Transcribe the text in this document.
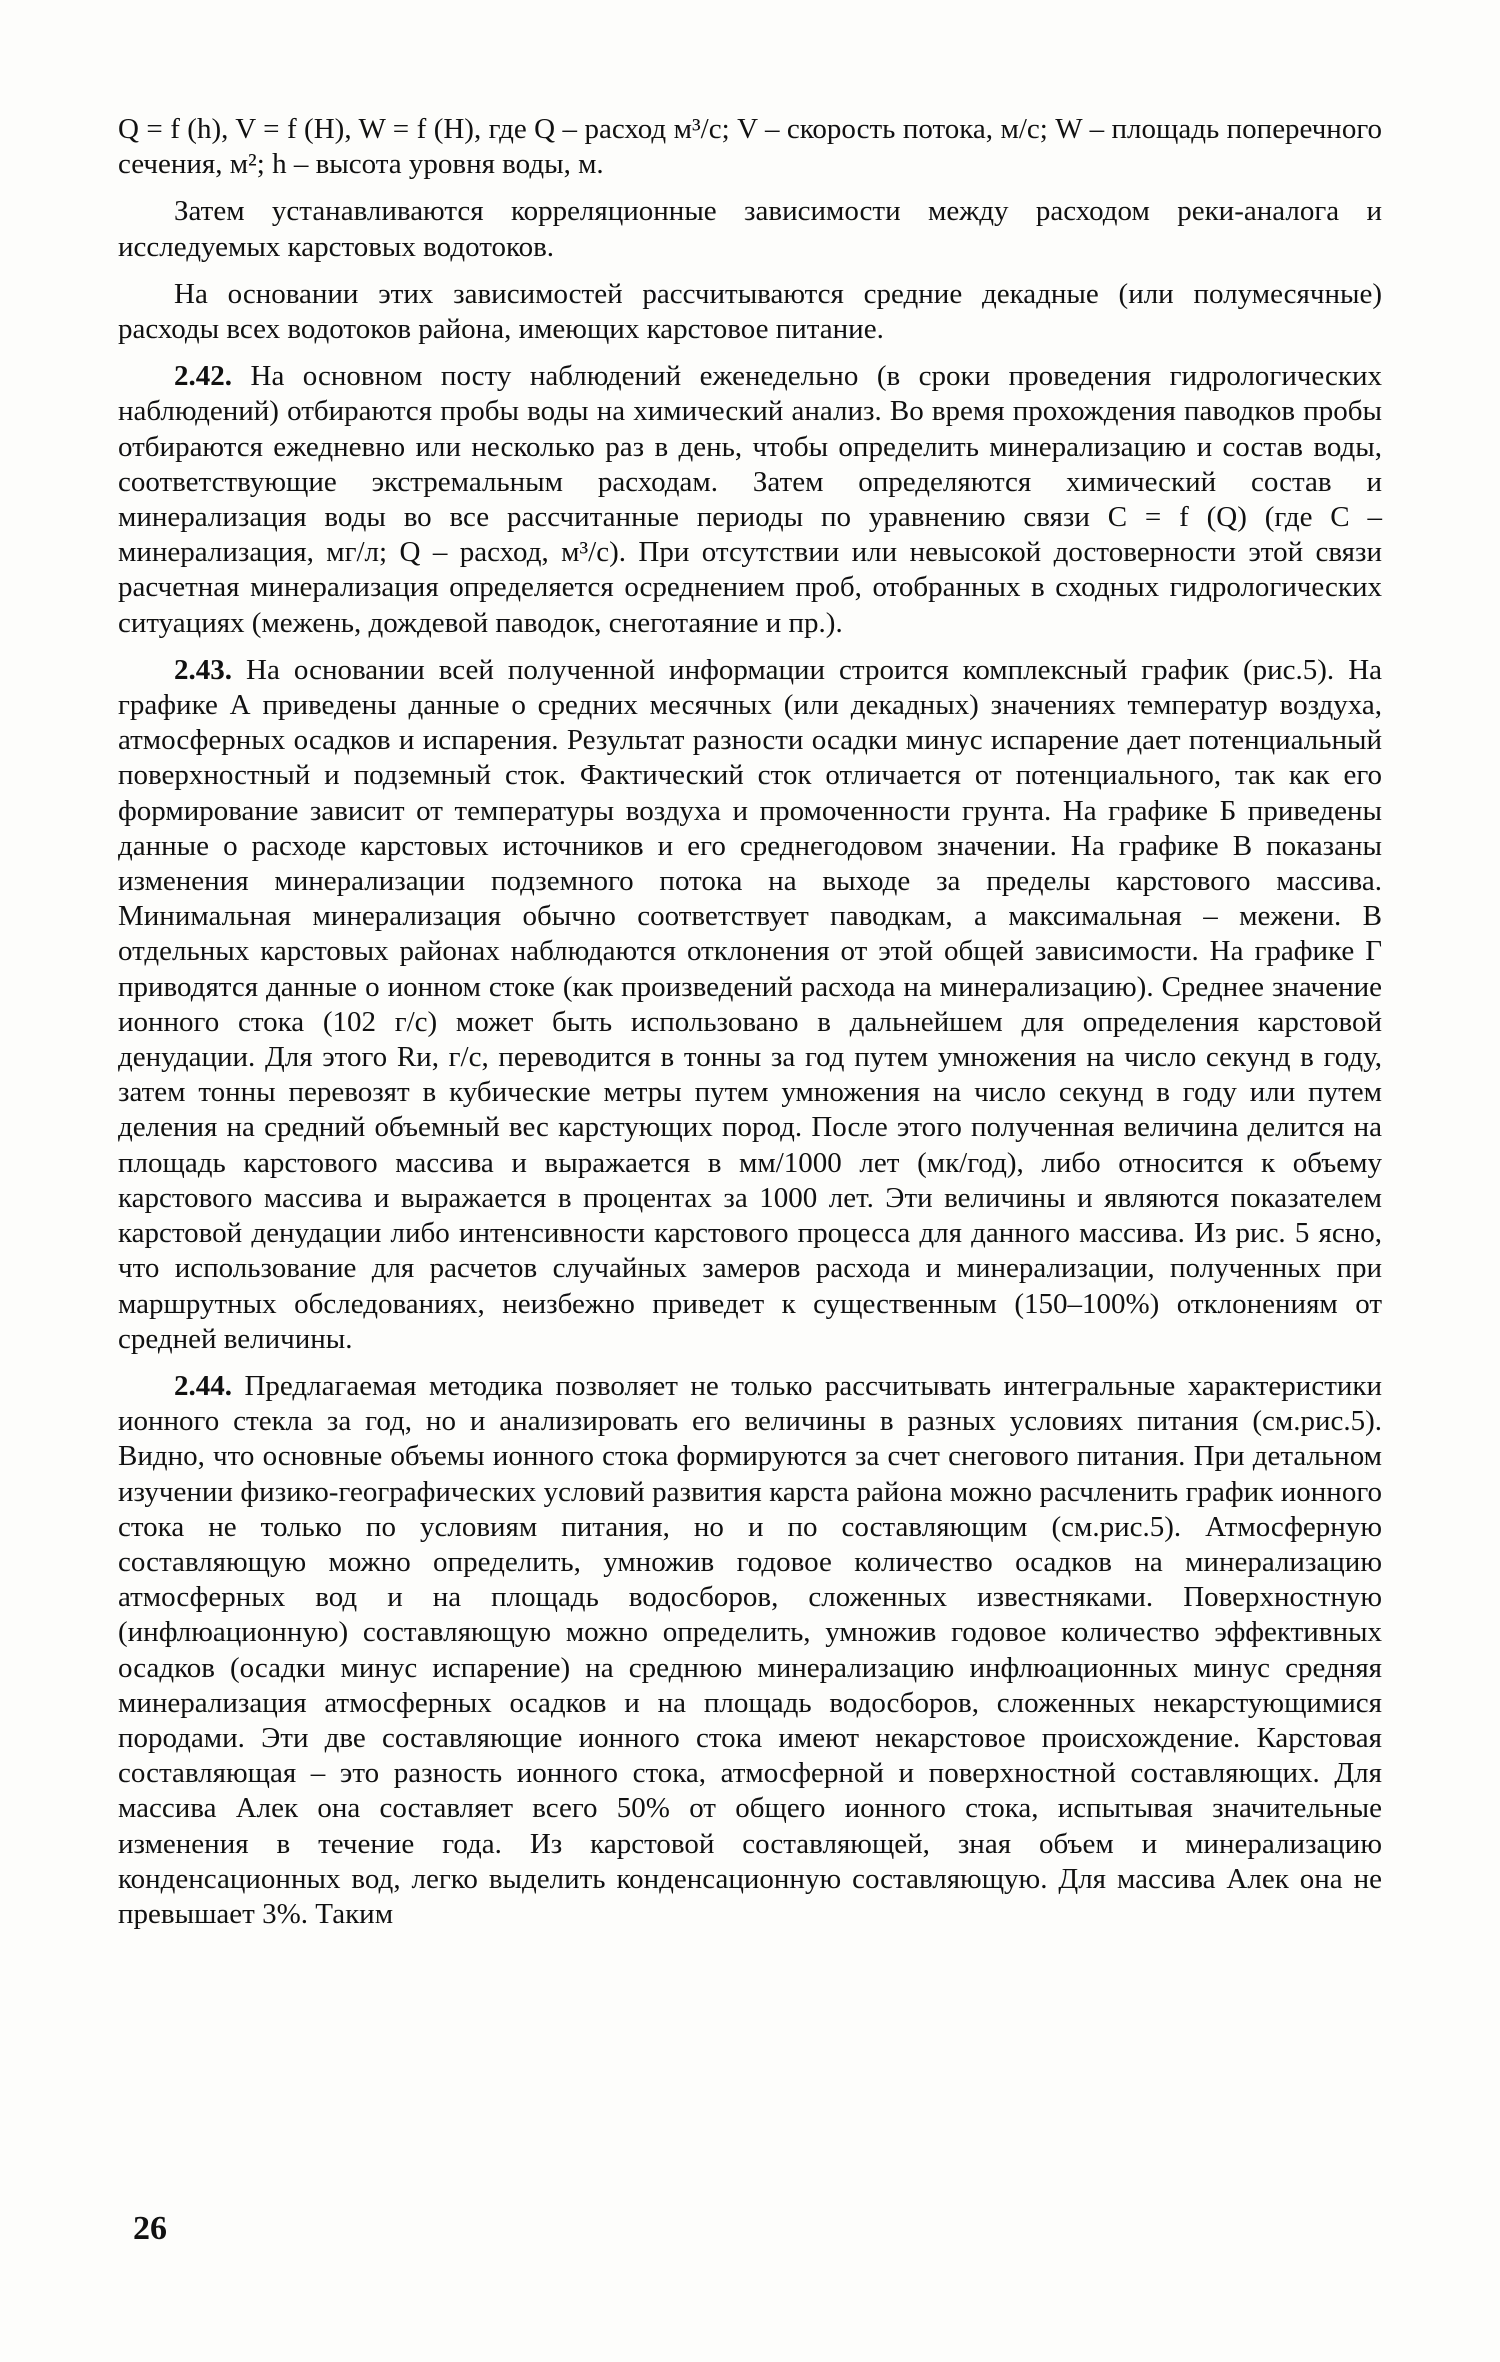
Q = f (h), V = f (H), W = f (H), где Q – расход м³/с; V – скорость потока, м/с; W – площадь поперечного сечения, м²; h – высота уровня воды, м.

Затем устанавливаются корреляционные зависимости между расходом реки-аналога и исследуемых карстовых водотоков.

На основании этих зависимостей рассчитываются средние декадные (или полумесячные) расходы всех водотоков района, имеющих карстовое питание.

2.42. На основном посту наблюдений еженедельно (в сроки проведения гидрологических наблюдений) отбираются пробы воды на химический анализ. Во время прохождения паводков пробы отбираются ежедневно или несколько раз в день, чтобы определить минерализацию и состав воды, соответствующие экстремальным расходам. Затем определяются химический состав и минерализация воды во все рассчитанные периоды по уравнению связи C = f (Q) (где C – минерализация, мг/л; Q – расход, м³/с). При отсутствии или невысокой достоверности этой связи расчетная минерализация определяется осреднением проб, отобранных в сходных гидрологических ситуациях (межень, дождевой паводок, снеготаяние и пр.).

2.43. На основании всей полученной информации строится комплексный график (рис.5). На графике А приведены данные о средних месячных (или декадных) значениях температур воздуха, атмосферных осадков и испарения. Результат разности осадки минус испарение дает потенциальный поверхностный и подземный сток. Фактический сток отличается от потенциального, так как его формирование зависит от температуры воздуха и промоченности грунта. На графике Б приведены данные о расходе карстовых источников и его среднегодовом значении. На графике В показаны изменения минерализации подземного потока на выходе за пределы карстового массива. Минимальная минерализация обычно соответствует паводкам, а максимальная – межени. В отдельных карстовых районах наблюдаются отклонения от этой общей зависимости. На графике Г приводятся данные о ионном стоке (как произведений расхода на минерализацию). Среднее значение ионного стока (102 г/с) может быть использовано в дальнейшем для определения карстовой денудации. Для этого Rи, г/с, переводится в тонны за год путем умножения на число секунд в году, затем тонны перевозят в кубические метры путем умножения на число секунд в году или путем деления на средний объемный вес карстующих пород. После этого полученная величина делится на площадь карстового массива и выражается в мм/1000 лет (мк/год), либо относится к объему карстового массива и выражается в процентах за 1000 лет. Эти величины и являются показателем карстовой денудации либо интенсивности карстового процесса для данного массива. Из рис. 5 ясно, что использование для расчетов случайных замеров расхода и минерализации, полученных при маршрутных обследованиях, неизбежно приведет к существенным (150–100%) отклонениям от средней величины.

2.44. Предлагаемая методика позволяет не только рассчитывать интегральные характеристики ионного стекла за год, но и анализировать его величины в разных условиях питания (см.рис.5). Видно, что основные объемы ионного стока формируются за счет снегового питания. При детальном изучении физико-географических условий развития карста района можно расчленить график ионного стока не только по условиям питания, но и по составляющим (см.рис.5). Атмосферную составляющую можно определить, умножив годовое количество осадков на минерализацию атмосферных вод и на площадь водосборов, сложенных известняками. Поверхностную (инфлюационную) составляющую можно определить, умножив годовое количество эффективных осадков (осадки минус испарение) на среднюю минерализацию инфлюационных минус средняя минерализация атмосферных осадков и на площадь водосборов, сложенных некарстующимися породами. Эти две составляющие ионного стока имеют некарстовое происхождение. Карстовая составляющая – это разность ионного стока, атмосферной и поверхностной составляющих. Для массива Алек она составляет всего 50% от общего ионного стока, испытывая значительные изменения в течение года. Из карстовой составляющей, зная объем и минерализацию конденсационных вод, легко выделить конденсационную составляющую. Для массива Алек она не превышает 3%. Таким

26
